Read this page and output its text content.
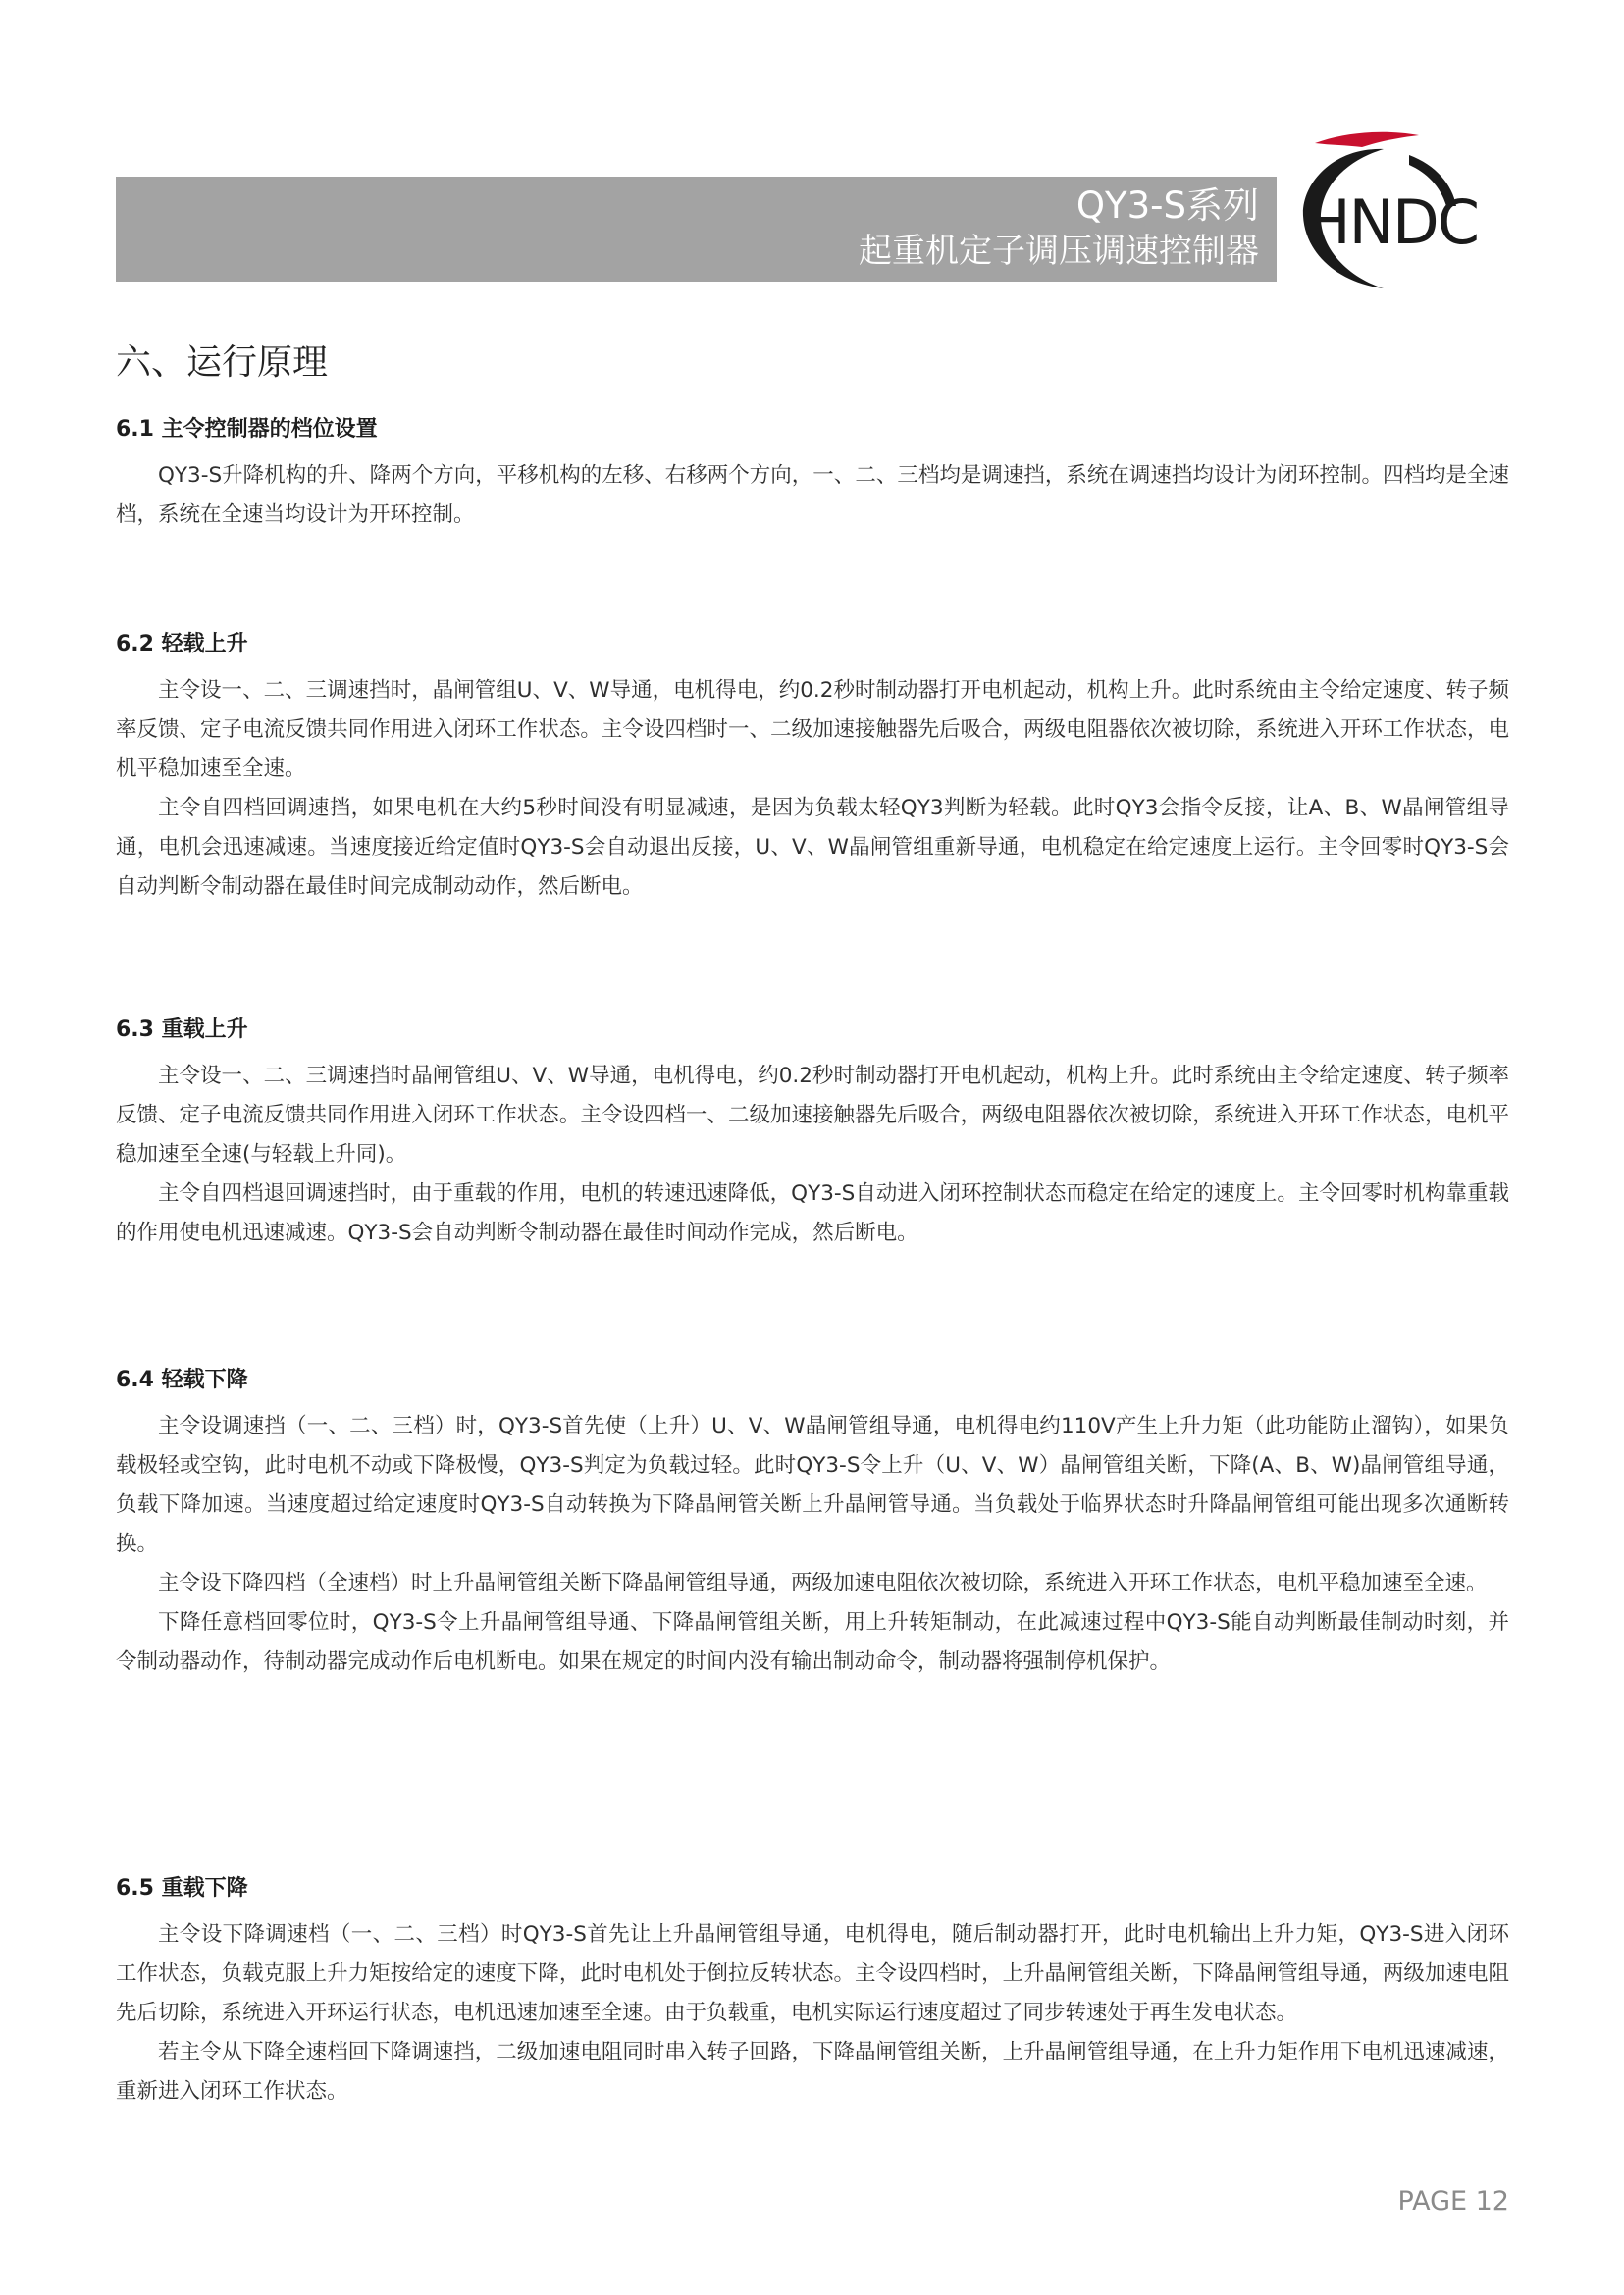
QY3-S系列
起重机定子调压调速控制器 HNDC
六、运行原理
6.1 主令控制器的档位设置

QY3-S升降机构的升、降两个方向，平移机构的左移、右移两个方向，一、二、三档均是调速挡，系统在调速挡均设计为闭环控制。四档均是全速档，系统在全速当均设计为开环控制。

6.2 轻载上升

主令设一、二、三调速挡时，晶闸管组U、V、W导通，电机得电，约0.2秒时制动器打开电机起动，机构上升。此时系统由主令给定速度、转子频率反馈、定子电流反馈共同作用进入闭环工作状态。主令设四档时一、二级加速接触器先后吸合，两级电阻器依次被切除，系统进入开环工作状态，电机平稳加速至全速。

主令自四档回调速挡，如果电机在大约5秒时间没有明显减速，是因为负载太轻QY3判断为轻载。此时QY3会指令反接，让A、B、W晶闸管组导通，电机会迅速减速。当速度接近给定值时QY3-S会自动退出反接，U、V、W晶闸管组重新导通，电机稳定在给定速度上运行。主令回零时QY3-S会自动判断令制动器在最佳时间完成制动动作，然后断电。

6.3 重载上升

主令设一、二、三调速挡时晶闸管组U、V、W导通，电机得电，约0.2秒时制动器打开电机起动，机构上升。此时系统由主令给定速度、转子频率反馈、定子电流反馈共同作用进入闭环工作状态。主令设四档一、二级加速接触器先后吸合，两级电阻器依次被切除，系统进入开环工作状态，电机平稳加速至全速(与轻载上升同)。

主令自四档退回调速挡时，由于重载的作用，电机的转速迅速降低，QY3-S自动进入闭环控制状态而稳定在给定的速度上。主令回零时机构靠重载的作用使电机迅速减速。QY3-S会自动判断令制动器在最佳时间动作完成，然后断电。

6.4 轻载下降

主令设调速挡（一、二、三档）时，QY3-S首先使（上升）U、V、W晶闸管组导通，电机得电约110V产生上升力矩（此功能防止溜钩），如果负载极轻或空钩，此时电机不动或下降极慢，QY3-S判定为负载过轻。此时QY3-S令上升（U、V、W）晶闸管组关断，下降(A、B、W)晶闸管组导通，负载下降加速。当速度超过给定速度时QY3-S自动转换为下降晶闸管关断上升晶闸管导通。当负载处于临界状态时升降晶闸管组可能出现多次通断转换。

主令设下降四档（全速档）时上升晶闸管组关断下降晶闸管组导通，两级加速电阻依次被切除，系统进入开环工作状态，电机平稳加速至全速。

下降任意档回零位时，QY3-S令上升晶闸管组导通、下降晶闸管组关断，用上升转矩制动，在此减速过程中QY3-S能自动判断最佳制动时刻，并令制动器动作，待制动器完成动作后电机断电。如果在规定的时间内没有输出制动命令，制动器将强制停机保护。

6.5 重载下降

主令设下降调速档（一、二、三档）时QY3-S首先让上升晶闸管组导通，电机得电，随后制动器打开，此时电机输出上升力矩，QY3-S进入闭环工作状态，负载克服上升力矩按给定的速度下降，此时电机处于倒拉反转状态。主令设四档时，上升晶闸管组关断，下降晶闸管组导通，两级加速电阻先后切除，系统进入开环运行状态，电机迅速加速至全速。由于负载重，电机实际运行速度超过了同步转速处于再生发电状态。

若主令从下降全速档回下降调速挡，二级加速电阻同时串入转子回路，下降晶闸管组关断，上升晶闸管组导通，在上升力矩作用下电机迅速减速，重新进入闭环工作状态。

PAGE 12
